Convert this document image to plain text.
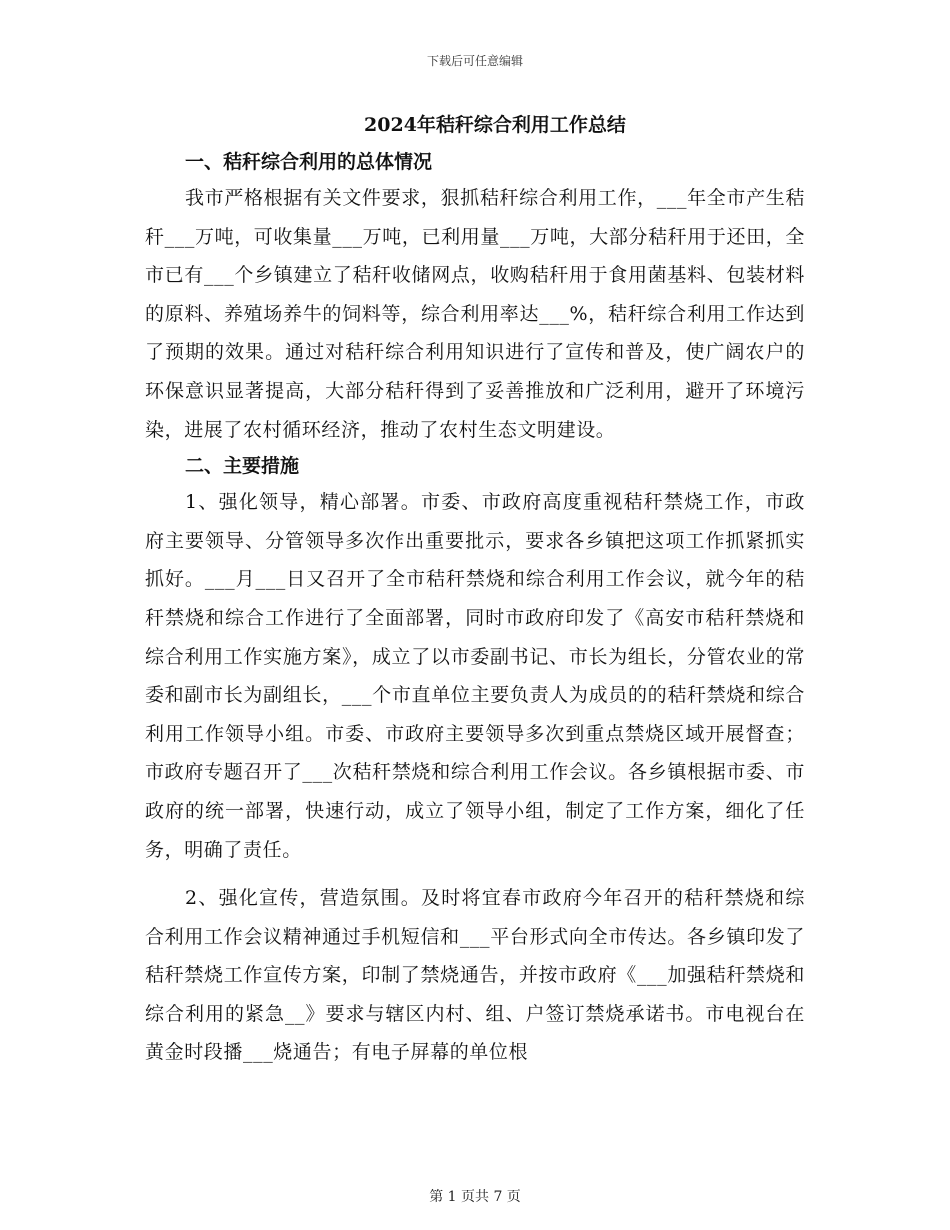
下载后可任意编辑
2024年秸秆综合利用工作总结
一、秸秆综合利用的总体情况

我市严格根据有关文件要求，狠抓秸秆综合利用工作，___年全市产生秸秆___万吨，可收集量___万吨，已利用量___万吨，大部分秸秆用于还田，全市已有___个乡镇建立了秸秆收储网点，收购秸秆用于食用菌基料、包装材料的原料、养殖场养牛的饲料等，综合利用率达___%，秸秆综合利用工作达到了预期的效果。通过对秸秆综合利用知识进行了宣传和普及，使广阔农户的环保意识显著提高，大部分秸秆得到了妥善推放和广泛利用，避开了环境污染，进展了农村循环经济，推动了农村生态文明建设。

二、主要措施

1、强化领导，精心部署。市委、市政府高度重视秸秆禁烧工作，市政府主要领导、分管领导多次作出重要批示，要求各乡镇把这项工作抓紧抓实抓好。___月___日又召开了全市秸秆禁烧和综合利用工作会议，就今年的秸秆禁烧和综合工作进行了全面部署，同时市政府印发了《高安市秸秆禁烧和综合利用工作实施方案》，成立了以市委副书记、市长为组长，分管农业的常委和副市长为副组长，___个市直单位主要负责人为成员的的秸秆禁烧和综合利用工作领导小组。市委、市政府主要领导多次到重点禁烧区域开展督查；市政府专题召开了___次秸秆禁烧和综合利用工作会议。各乡镇根据市委、市政府的统一部署，快速行动，成立了领导小组，制定了工作方案，细化了任务，明确了责任。

2、强化宣传，营造氛围。及时将宜春市政府今年召开的秸秆禁烧和综合利用工作会议精神通过手机短信和___平台形式向全市传达。各乡镇印发了秸秆禁烧工作宣传方案，印制了禁烧通告，并按市政府《___加强秸秆禁烧和综合利用的紧急__》要求与辖区内村、组、户签订禁烧承诺书。市电视台在黄金时段播___烧通告；有电子屏幕的单位根

第 1 页共 7 页
